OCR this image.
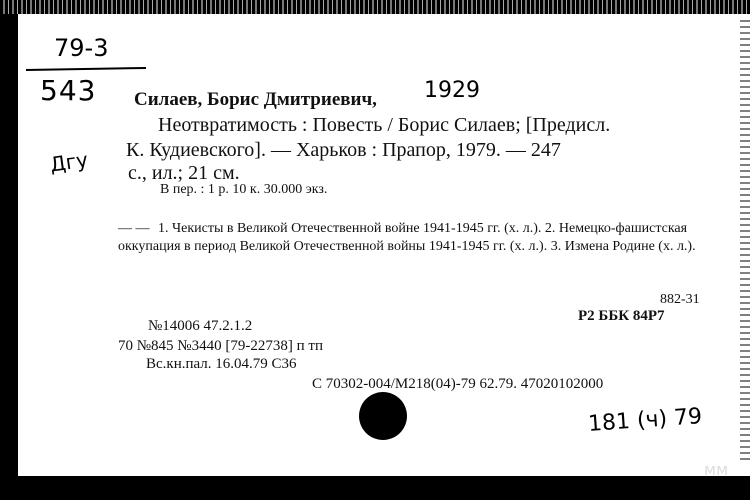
79-3
543	1929
Дгу
Силаев, Борис Дмитриевич,
Неотвратимость : Повесть / Борис Силаев; [Предисл.
К. Кудиевского]. — Харьков : Прапор, 1979. — 247
с., ил.; 21 см.
В пер. : 1 р. 10 к. 30.000 экз.
— — 1. Чекисты в Великой Отечественной войне 1941-1945 гг. (х. л.). 2. Немецко-фашистская оккупация в период Великой Отечественной войны 1941-1945 гг. (х. л.). 3. Измена Родине (х. л.).
882-31
Р2 ББК 84Р7
№14006 47.2.1.2
70 №845 №3440 [79-22738] п тп
Вс.кн.пал. 16.04.79 С36
С 70302-004/М218(04)-79 62.79. 47020102000
181 (ч) 79
мм
